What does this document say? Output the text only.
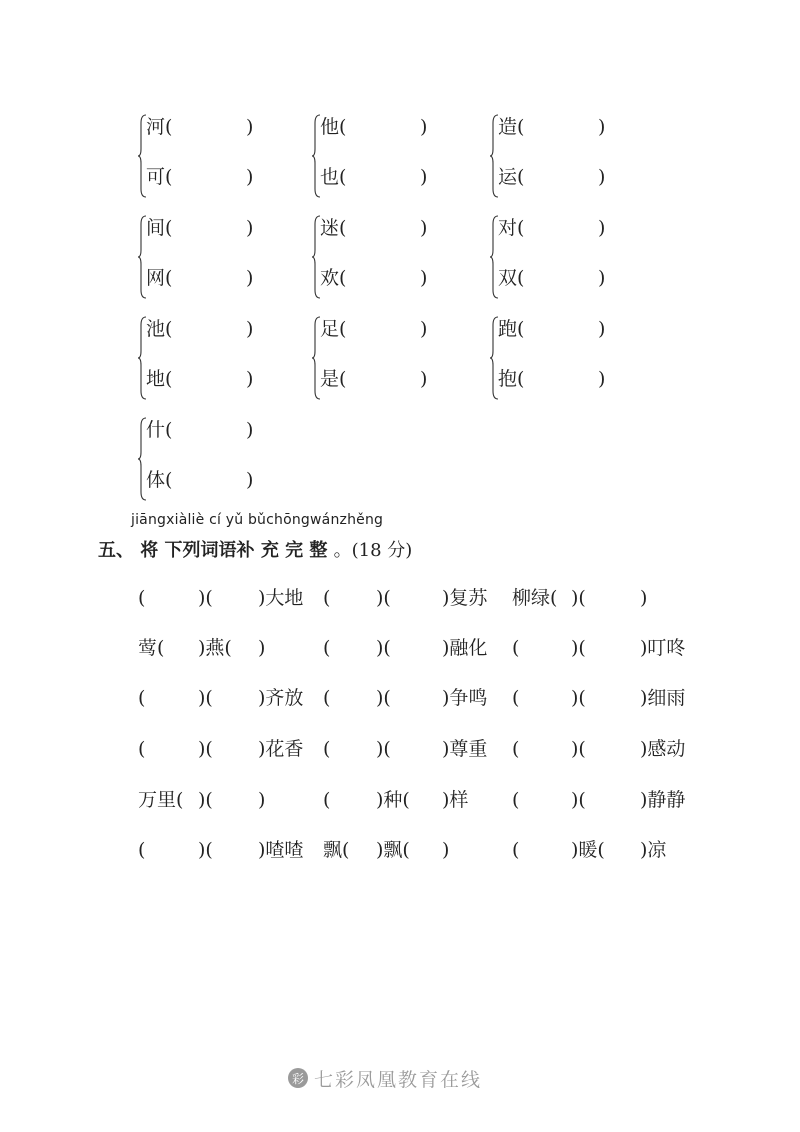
河(	)
可(	)
他(	)
也(	)
造(	)
运(	)
间(	)
网(	)
迷(	)
欢(	)
对(	)
双(	)
池(	)
地(	)
足(	)
是(	)
跑(	)
抱(	)
什(	)
体(	)
jiāngxiàliè cí yǔ bǔchōngwánzhěng
五、 将 下列词语补 充 完 整 。(18 分)
(	)( )大地 ( )(	)复苏 柳绿( )(	)
莺( )燕( )	( )(	)融化 (	)(	)叮咚
(	)( )齐放 ( )(	)争鸣 (	)(	)细雨
(	)( )花香 ( )(	)尊重 (	)(	)感动
万里( )( )	( )种( )样 (	)(	)静静
(	)( )喳喳 飘( )飘( )	(	)暖( )凉
彩 七彩凤凰教育在线
